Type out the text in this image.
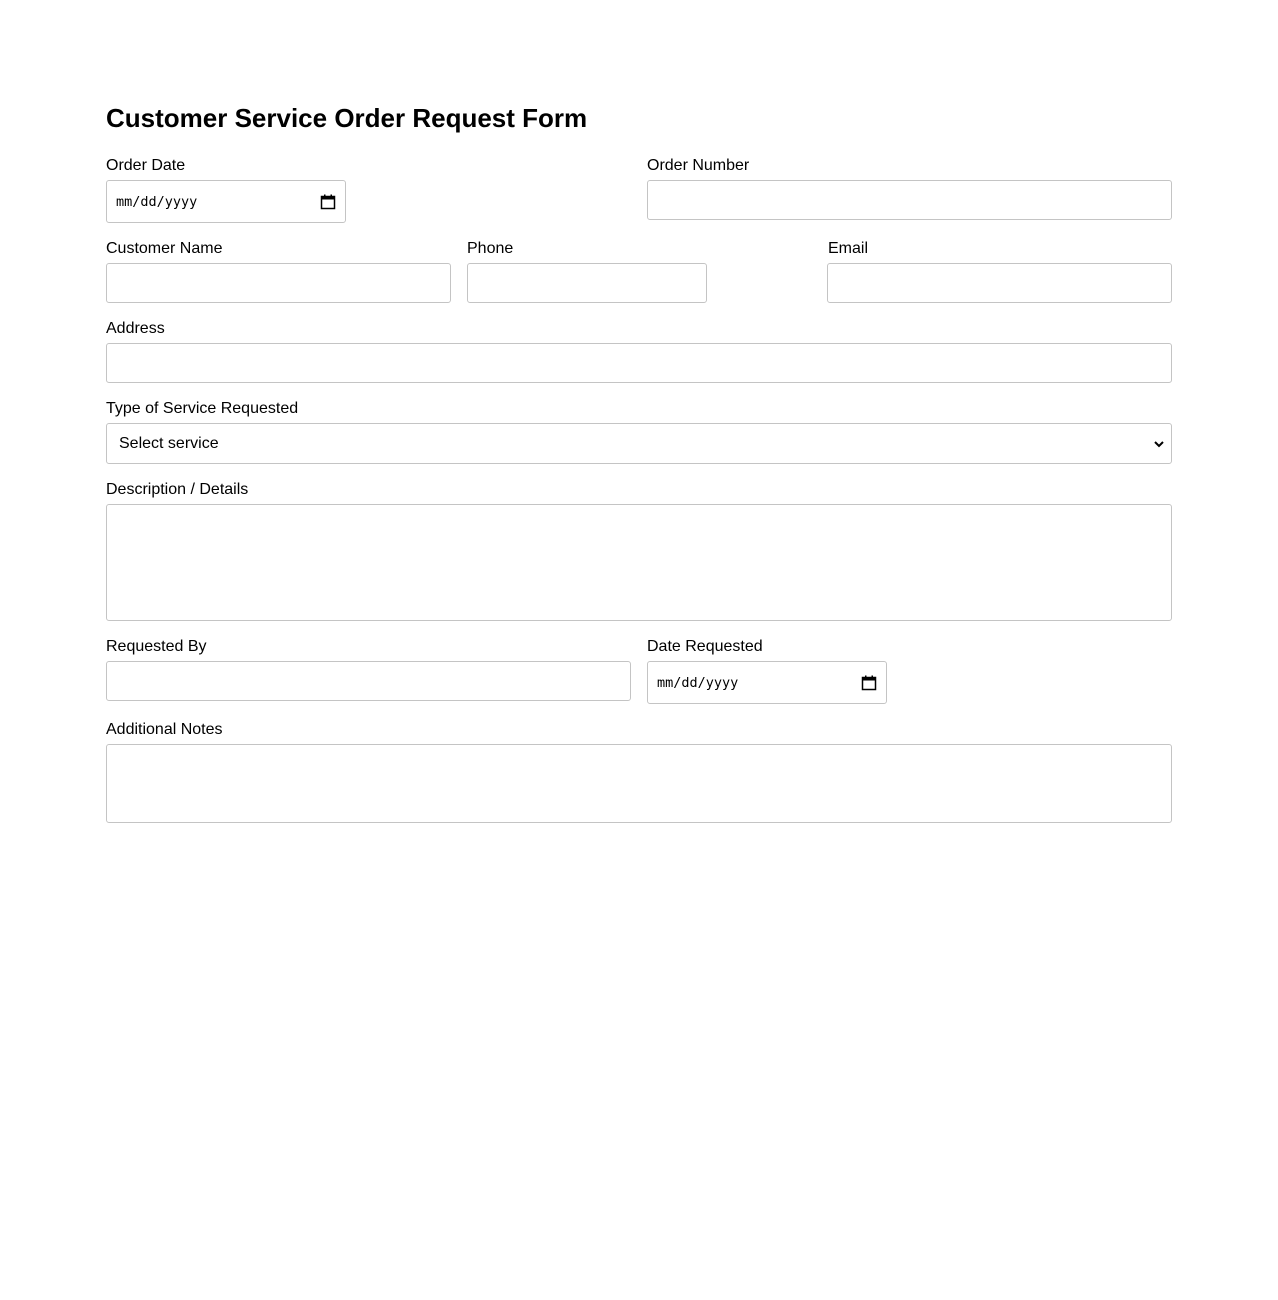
Customer Service Order Request Form
Order Date
mm/dd/yyyy
Order Number
Customer Name	Phone	Email
Address
Type of Service Requested
Select service
Description / Details
Requested By	Date Requested
mm/dd/yyyy
Additional Notes
